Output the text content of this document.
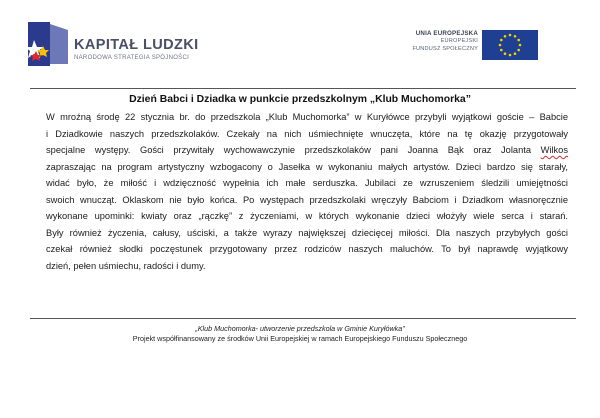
KAPITAŁ LUDZKI
NARODOWA STRATEGIA SPÓJNOŚCI
UNIA EUROPEJSKA
EUROPEJSKI
FUNDUSZ SPOŁECZNY
Dzień Babci i Dziadka w punkcie przedszkolnym „Klub Muchomorka”
W mroźną środę 22 stycznia br. do przedszkola „Klub Muchomorka” w Kuryłówce przybyli wyjątkowi goście – Babcie
i Dziadkowie naszych przedszkolaków. Czekały na nich uśmiechnięte wnuczęta, które na tę okazję przygotowały
specjalne występy. Gości przywitały wychowawczynie przedszkolaków pani Joanna Bąk oraz Jolanta Wilkos
zapraszając na program artystyczny wzbogacony o Jasełka w wykonaniu małych artystów. Dzieci bardzo się starały,
widać było, że miłość i wdzięczność wypełnia ich małe serduszka. Jubilaci ze wzruszeniem śledzili umiejętności
swoich wnucząt. Oklaskom nie było końca. Po występach przedszkolaki wręczyły Babciom i Dziadkom własnoręcznie
wykonane upominki: kwiaty oraz „rączkę” z życzeniami, w których wykonanie dzieci włożyły wiele serca i starań.
Były również życzenia, całusy, uściski, a także wyrazy największej dziecięcej miłości. Dla naszych przybyłych gości
czekał również słodki poczęstunek przygotowany przez rodziców naszych maluchów. To był naprawdę wyjątkowy
dzień, pełen uśmiechu, radości i dumy.
„Klub Muchomorka- utworzenie przedszkola w Gminie Kuryłówka”
Projekt współfinansowany ze środków Unii Europejskiej w ramach Europejskiego Funduszu Społecznego
